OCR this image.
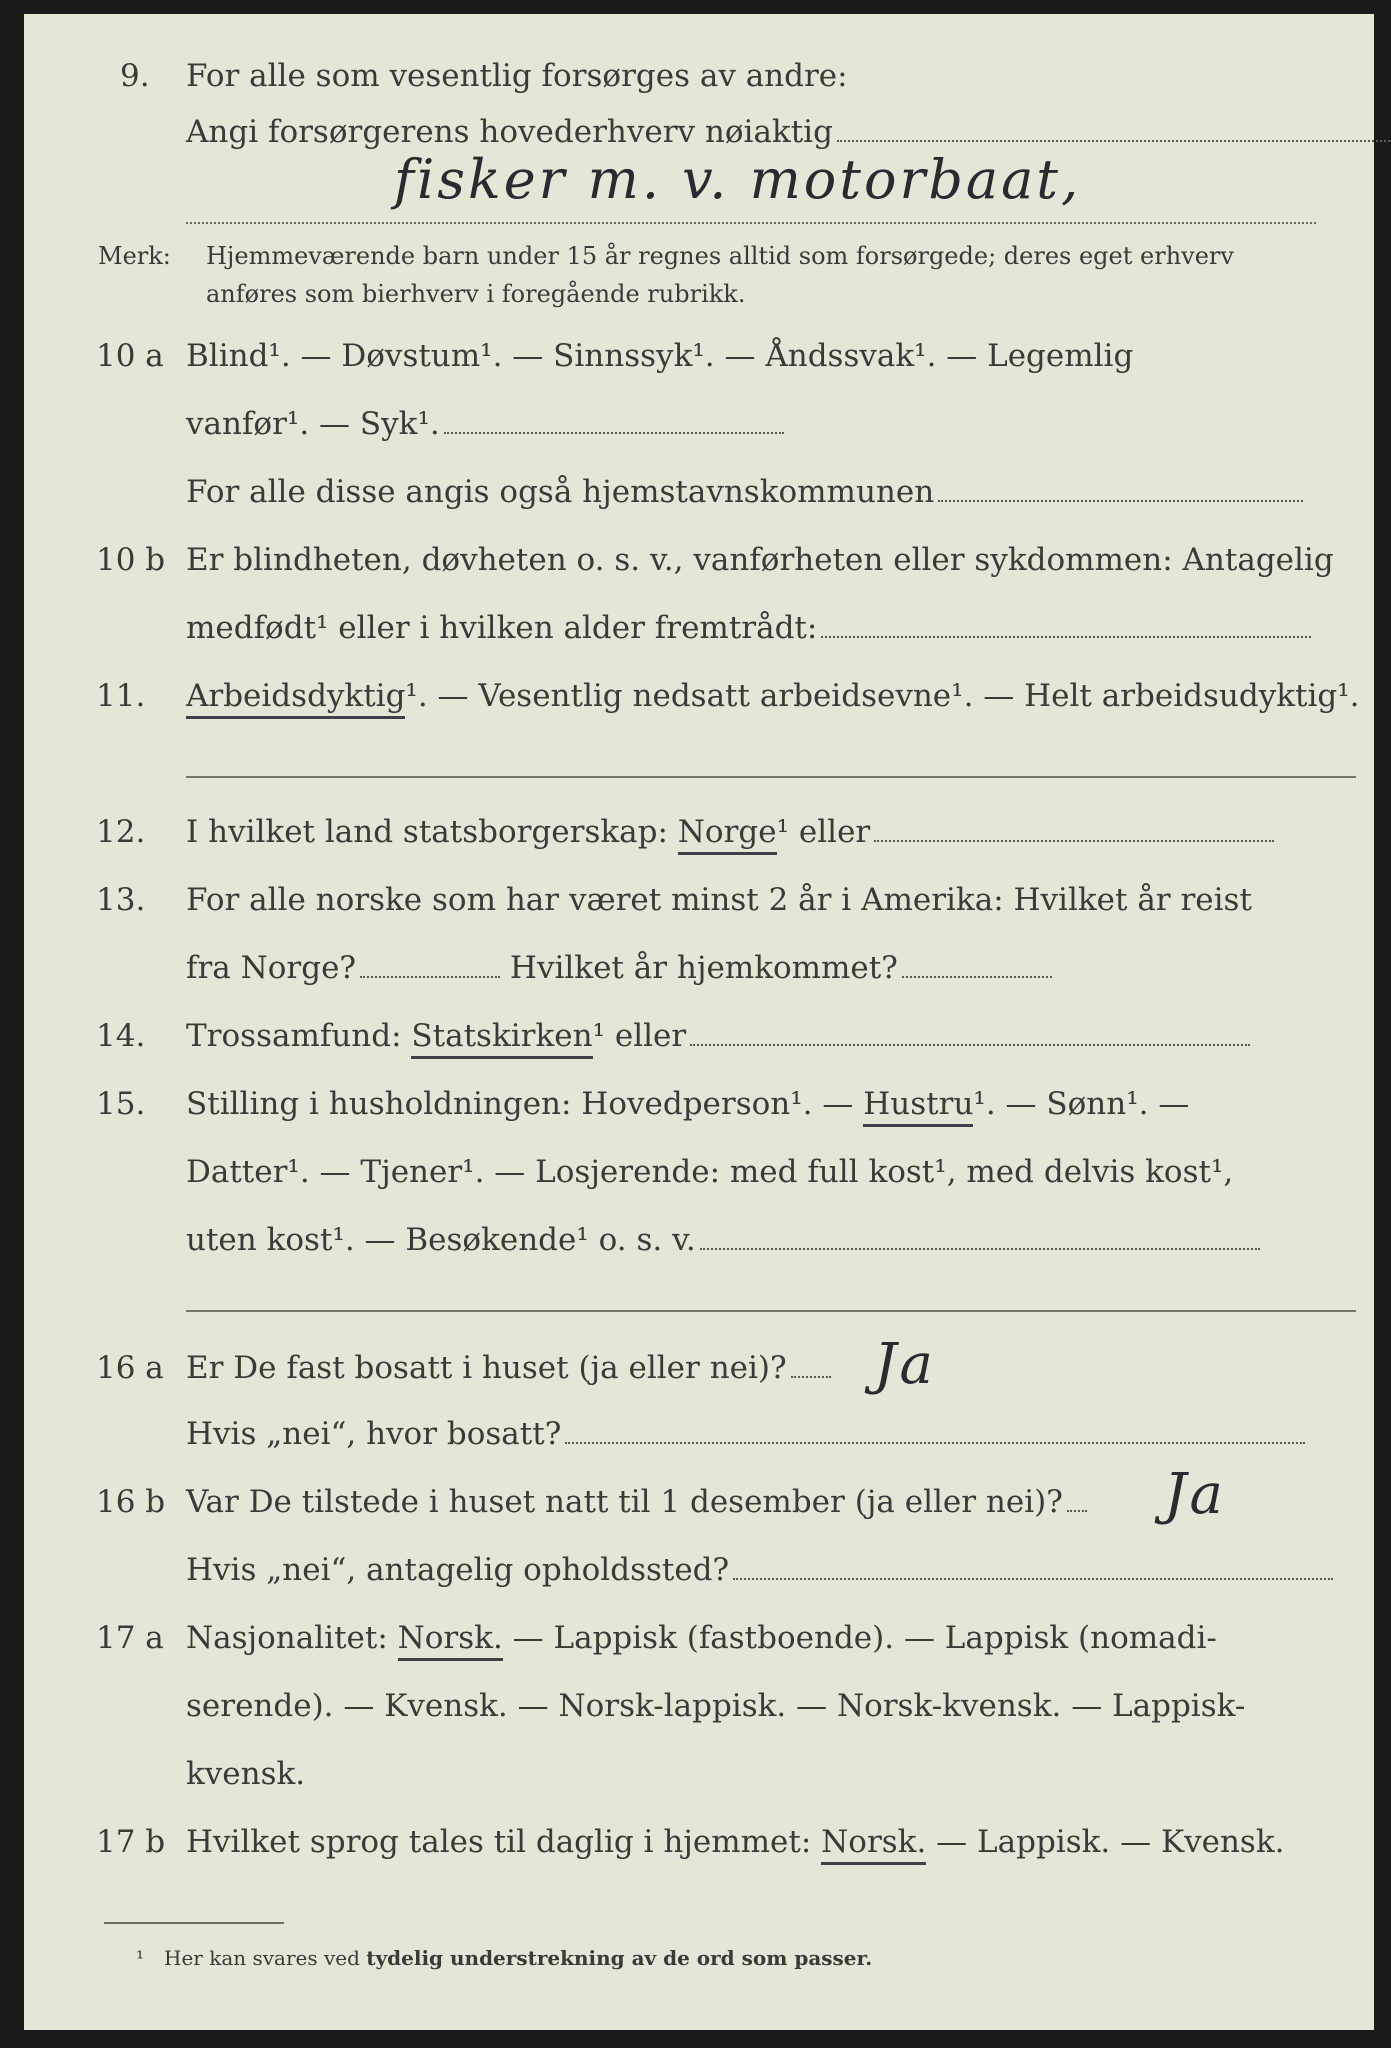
9. For alle som vesentlig forsørges av andre:
Angi forsørgerens hovederhverv nøiaktig
fisker m. v. motorbaat,
Merk: Hjemmeværende barn under 15 år regnes alltid som forsørgede; deres eget erhverv
anføres som bierhverv i foregående rubrikk.
10 a Blind¹. — Døvstum¹. — Sinnssyk¹. — Åndssvak¹. — Legemlig
vanfør¹. — Syk¹.
For alle disse angis også hjemstavnskommunen
10 b Er blindheten, døvheten o. s. v., vanførheten eller sykdommen: Antagelig
medfødt¹ eller i hvilken alder fremtrådt:
11. Arbeidsdyktig¹. — Vesentlig nedsatt arbeidsevne¹. — Helt arbeidsudyktig¹.
12. I hvilket land statsborgerskap: Norge¹ eller
13. For alle norske som har været minst 2 år i Amerika: Hvilket år reist
fra Norge?	Hvilket år hjemkommet?
14. Trossamfund: Statskirken¹ eller
15. Stilling i husholdningen: Hovedperson¹. — Hustru¹. — Sønn¹. —
Datter¹. — Tjener¹. — Losjerende: med full kost¹, med delvis kost¹,
uten kost¹. — Besøkende¹ o. s. v.
16 a Er De fast bosatt i huset (ja eller nei)?	Ja
Hvis „nei“, hvor bosatt?
16 b Var De tilstede i huset natt til 1 desember (ja eller nei)?	Ja
Hvis „nei“, antagelig opholdssted?
17 a Nasjonalitet: Norsk. — Lappisk (fastboende). — Lappisk (nomadi-
serende). — Kvensk. — Norsk-lappisk. — Norsk-kvensk. — Lappisk-
kvensk.
17 b Hvilket sprog tales til daglig i hjemmet: Norsk. — Lappisk. — Kvensk.
¹ Her kan svares ved tydelig understrekning av de ord som passer.
